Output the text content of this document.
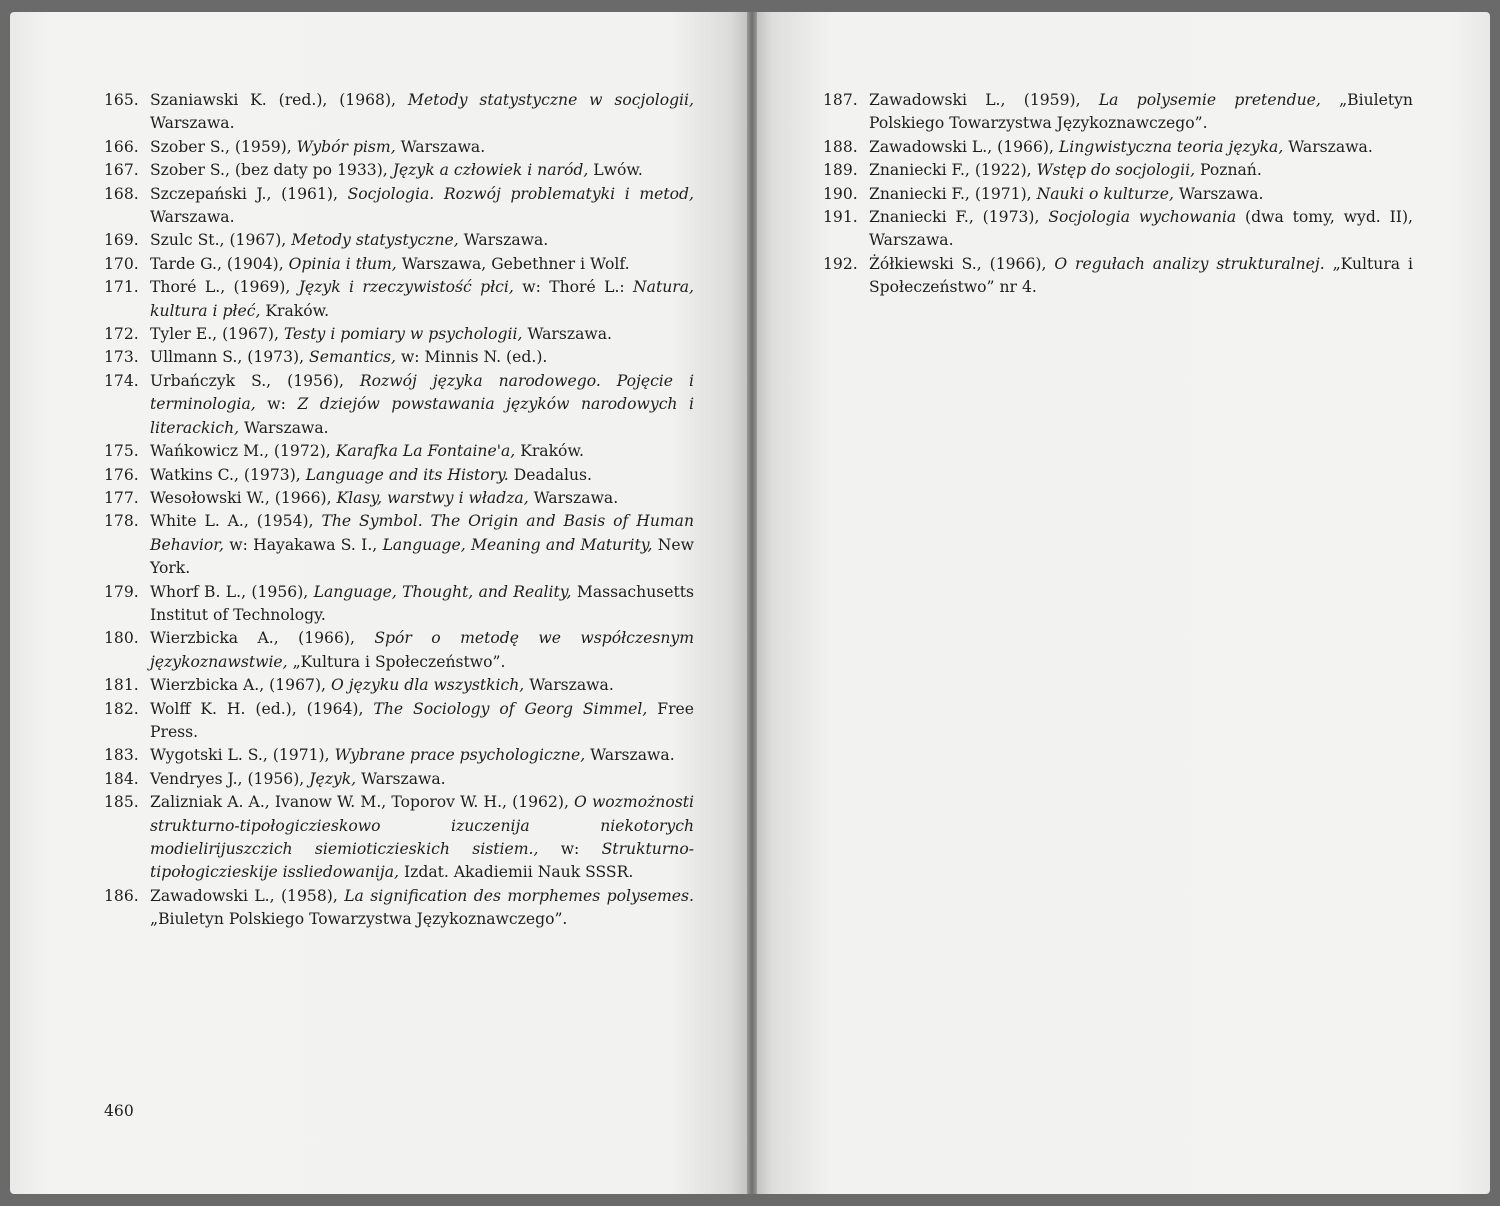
165. Szaniawski K. (red.), (1968), Metody statystyczne w socjologii, Warszawa.
166. Szober S., (1959), Wybór pism, Warszawa.
167. Szober S., (bez daty po 1933), Język a człowiek i naród, Lwów.
168. Szczepański J., (1961), Socjologia. Rozwój problematyki i metod, Warszawa.
169. Szulc St., (1967), Metody statystyczne, Warszawa.
170. Tarde G., (1904), Opinia i tłum, Warszawa, Gebethner i Wolf.
171. Thoré L., (1969), Język i rzeczywistość płci, w: Thoré L.: Natura, kultura i płeć, Kraków.
172. Tyler E., (1967), Testy i pomiary w psychologii, Warszawa.
173. Ullmann S., (1973), Semantics, w: Minnis N. (ed.).
174. Urbańczyk S., (1956), Rozwój języka narodowego. Pojęcie i terminologia, w: Z dziejów powstawania języków narodowych i literackich, Warszawa.
175. Wańkowicz M., (1972), Karafka La Fontaine'a, Kraków.
176. Watkins C., (1973), Language and its History. Deadalus.
177. Wesołowski W., (1966), Klasy, warstwy i władza, Warszawa.
178. White L. A., (1954), The Symbol. The Origin and Basis of Human Behavior, w: Hayakawa S. I., Language, Meaning and Maturity, New York.
179. Whorf B. L., (1956), Language, Thought, and Reality, Massachusetts Institut of Technology.
180. Wierzbicka A., (1966), Spór o metodę we współczesnym językoznawstwie, „Kultura i Społeczeństwo”.
181. Wierzbicka A., (1967), O języku dla wszystkich, Warszawa.
182. Wolff K. H. (ed.), (1964), The Sociology of Georg Simmel, Free Press.
183. Wygotski L. S., (1971), Wybrane prace psychologiczne, Warszawa.
184. Vendryes J., (1956), Język, Warszawa.
185. Zalizniak A. A., Ivanow W. M., Toporov W. H., (1962), O wozmożnosti strukturno-tipołogiczieskowo izuczenija niekotorych modielirijuszczich siemioticzieskich sistiem., w: Strukturno-tipołogiczieskije issliedowanija, Izdat. Akadiemii Nauk SSSR.
186. Zawadowski L., (1958), La signification des morphemes polysemes. „Biuletyn Polskiego Towarzystwa Językoznawczego”.
187. Zawadowski L., (1959), La polysemie pretendue, „Biuletyn Polskiego Towarzystwa Językoznawczego”.
188. Zawadowski L., (1966), Lingwistyczna teoria języka, Warszawa.
189. Znaniecki F., (1922), Wstęp do socjologii, Poznań.
190. Znaniecki F., (1971), Nauki o kulturze, Warszawa.
191. Znaniecki F., (1973), Socjologia wychowania (dwa tomy, wyd. II), Warszawa.
192. Żółkiewski S., (1966), O regułach analizy strukturalnej. „Kultura i Społeczeństwo” nr 4.
460
